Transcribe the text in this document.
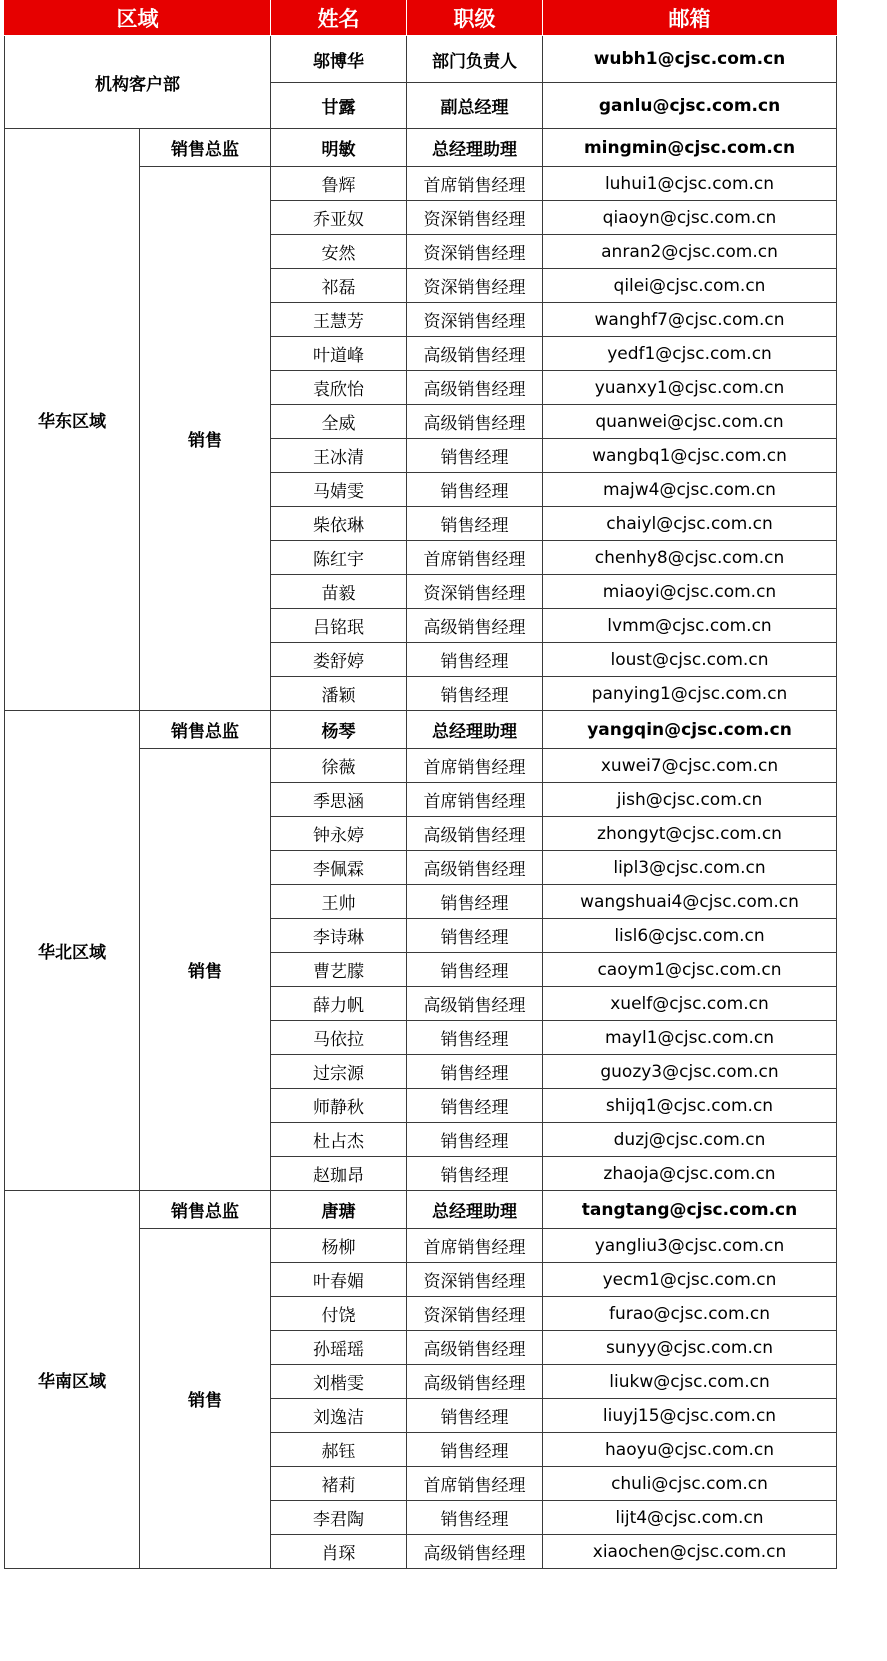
区域		姓名	职级	邮箱
机构客户部		邬博华	部门负责人	wubh1@cjsc.com.cn
		甘露	副总经理	ganlu@cjsc.com.cn
华东区域	销售总监	明敏	总经理助理	mingmin@cjsc.com.cn
	销售	鲁辉	首席销售经理	luhui1@cjsc.com.cn
		乔亚奴	资深销售经理	qiaoyn@cjsc.com.cn
		安然	资深销售经理	anran2@cjsc.com.cn
		祁磊	资深销售经理	qilei@cjsc.com.cn
		王慧芳	资深销售经理	wanghf7@cjsc.com.cn
		叶道峰	高级销售经理	yedf1@cjsc.com.cn
		袁欣怡	高级销售经理	yuanxy1@cjsc.com.cn
		全威	高级销售经理	quanwei@cjsc.com.cn
		王冰清	销售经理	wangbq1@cjsc.com.cn
		马婧雯	销售经理	majw4@cjsc.com.cn
		柴依琳	销售经理	chaiyl@cjsc.com.cn
		陈红宇	首席销售经理	chenhy8@cjsc.com.cn
		苗毅	资深销售经理	miaoyi@cjsc.com.cn
		吕铭珉	高级销售经理	lvmm@cjsc.com.cn
		娄舒婷	销售经理	loust@cjsc.com.cn
		潘颖	销售经理	panying1@cjsc.com.cn
华北区域	销售总监	杨琴	总经理助理	yangqin@cjsc.com.cn
	销售	徐薇	首席销售经理	xuwei7@cjsc.com.cn
		季思涵	首席销售经理	jish@cjsc.com.cn
		钟永婷	高级销售经理	zhongyt@cjsc.com.cn
		李佩霖	高级销售经理	lipl3@cjsc.com.cn
		王帅	销售经理	wangshuai4@cjsc.com.cn
		李诗琳	销售经理	lisl6@cjsc.com.cn
		曹艺朦	销售经理	caoym1@cjsc.com.cn
		薛力帆	高级销售经理	xuelf@cjsc.com.cn
		马依拉	销售经理	mayl1@cjsc.com.cn
		过宗源	销售经理	guozy3@cjsc.com.cn
		师静秋	销售经理	shijq1@cjsc.com.cn
		杜占杰	销售经理	duzj@cjsc.com.cn
		赵珈昂	销售经理	zhaoja@cjsc.com.cn
华南区域	销售总监	唐瑭	总经理助理	tangtang@cjsc.com.cn
	销售	杨柳	首席销售经理	yangliu3@cjsc.com.cn
		叶春媚	资深销售经理	yecm1@cjsc.com.cn
		付饶	资深销售经理	furao@cjsc.com.cn
		孙瑶瑶	高级销售经理	sunyy@cjsc.com.cn
		刘楷雯	高级销售经理	liukw@cjsc.com.cn
		刘逸洁	销售经理	liuyj15@cjsc.com.cn
		郝钰	销售经理	haoyu@cjsc.com.cn
		褚莉	首席销售经理	chuli@cjsc.com.cn
		李君陶	销售经理	lijt4@cjsc.com.cn
		肖琛	高级销售经理	xiaochen@cjsc.com.cn
